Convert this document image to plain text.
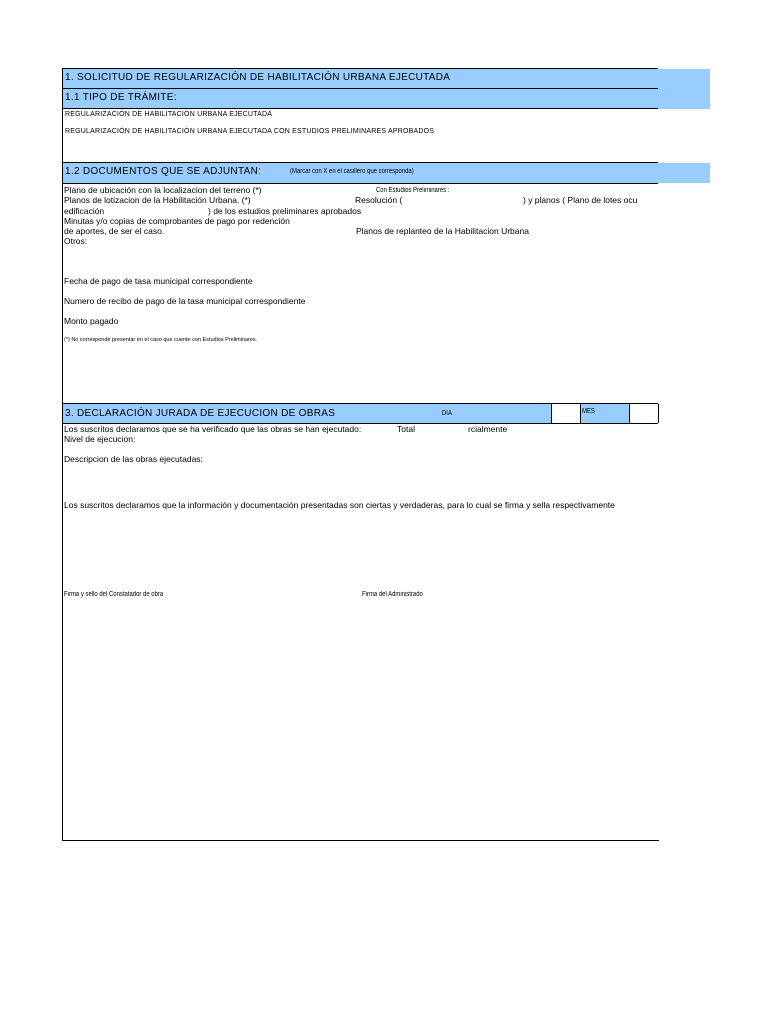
1. SOLICITUD DE REGULARIZACIÓN DE HABILITACIÓN URBANA EJECUTADA
1.1 TIPO DE TRÁMITE:
REGULARIZACIÓN DE HABILITACIÓN URBANA EJECUTADA
REGULARIZACIÓN DE HABILITACIÓN URBANA EJECUTADA CON ESTUDIOS PRELIMINARES APROBADOS
1.2 DOCUMENTOS QUE SE ADJUNTAN:	(Marcar con X en el casillero que corresponda)
Plano de ubicación con la localizacion del terreno (*)
Planos de lotizacion de la Habilitación Urbana. (*)
edificación	) de los estudios preliminares aprobados
Minutas y/o copias de comprobantes de pago por redención
de aportes, de ser el caso.
Otros:
Con Estudios Preliminares :
Resolución (	) y planos ( Plano de lotes ocu
Planos de replanteo de la Habilitacion Urbana
Fecha de pago de tasa municipal correspondiente
Numero de recibo de pago de la tasa municipal correspondiente
Monto pagado
(*) No corresponde presentar en el caso que cuente con Estudios Preliminares.
3. DECLARACIÓN JURADA DE EJECUCION DE OBRAS	DIA	MES
Los suscritos declaramos que se ha verificado que las obras se han ejecutado:	Total	rcialmente
Nivel de ejecucion:
Descripcion de las obras ejecutadas:
Los suscritos declaramos que la información y documentación presentadas son ciertas y verdaderas, para lo cual se firma y sella respectivamente
Firma y sello del Constatador de obra	Firma del Administrado
